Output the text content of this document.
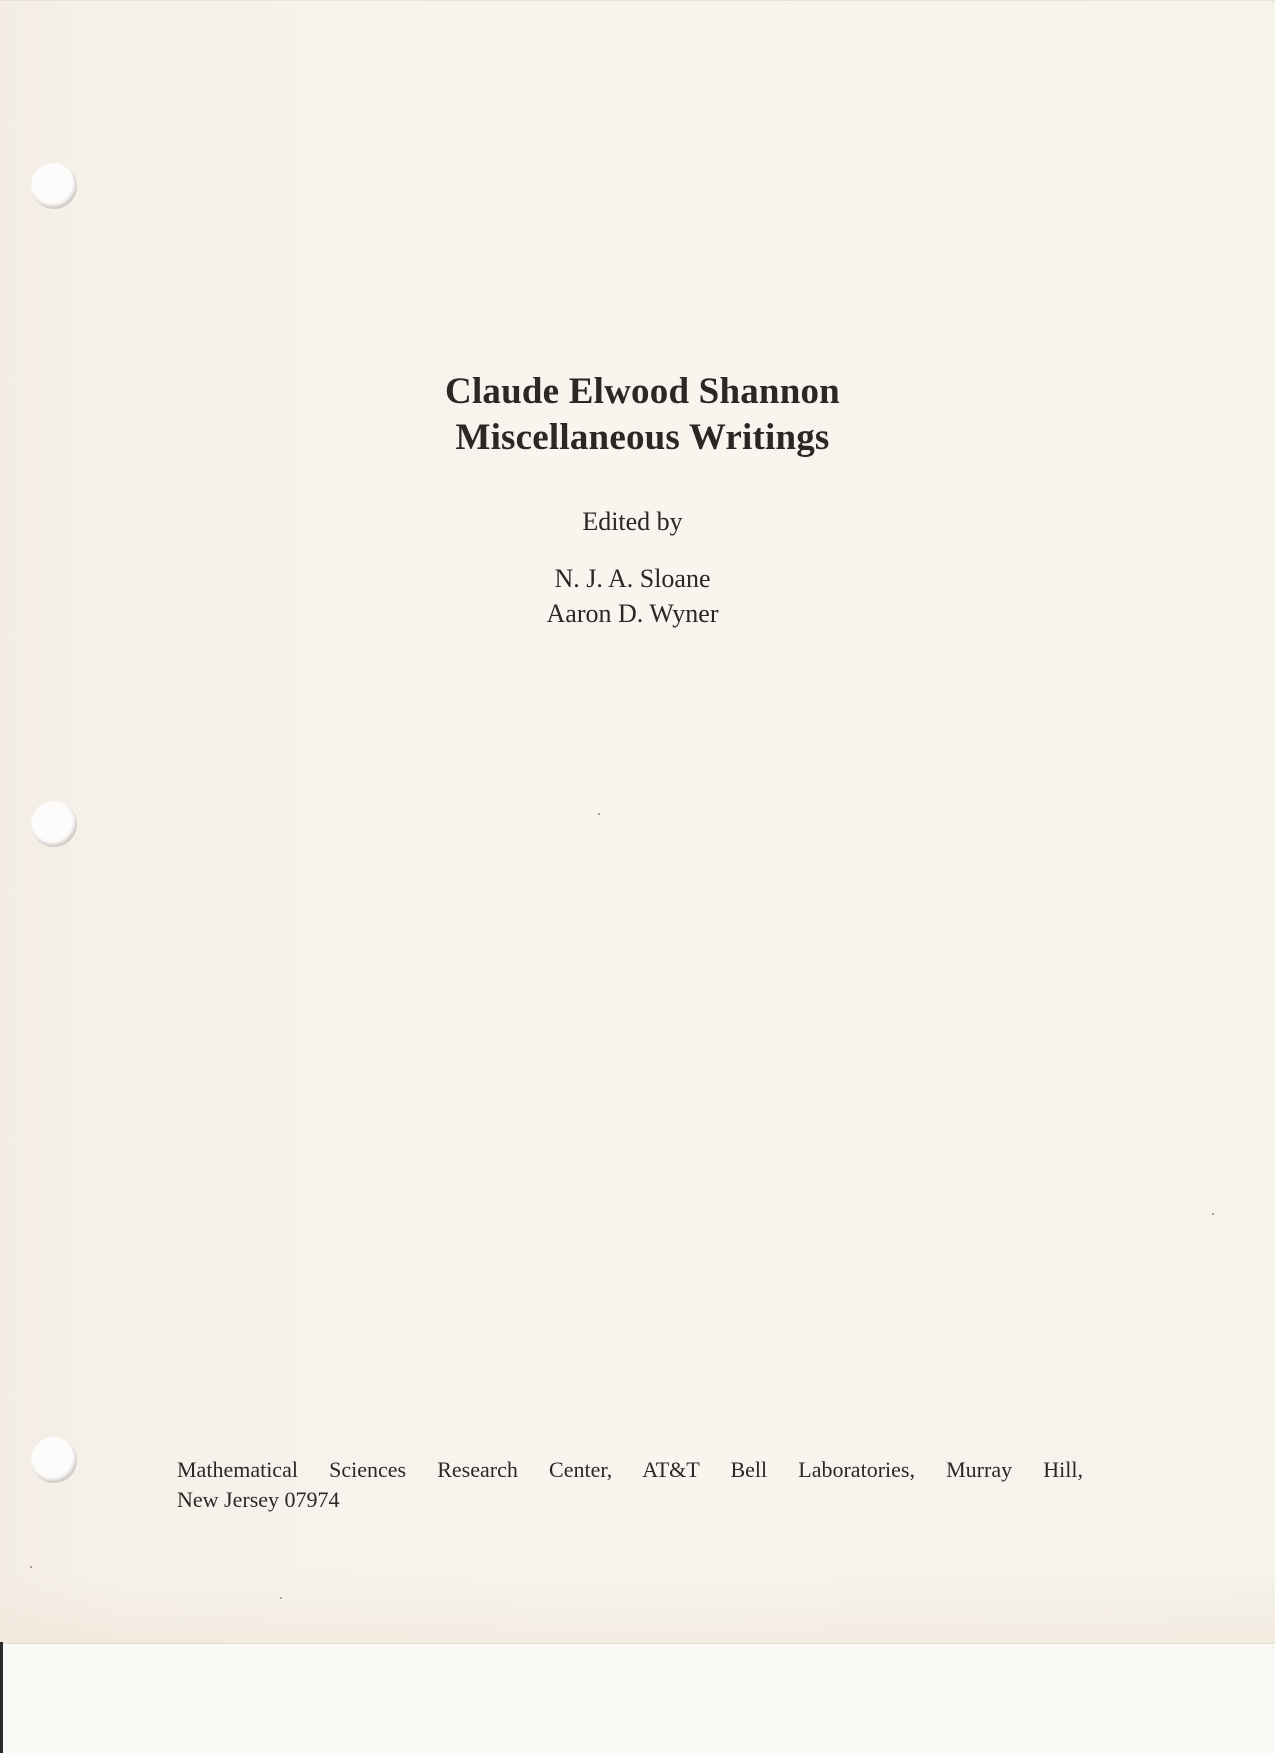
Claude Elwood Shannon
Miscellaneous Writings
Edited by
N. J. A. Sloane
Aaron D. Wyner
Mathematical Sciences Research Center, AT&T Bell Laboratories, Murray Hill,
New Jersey 07974
